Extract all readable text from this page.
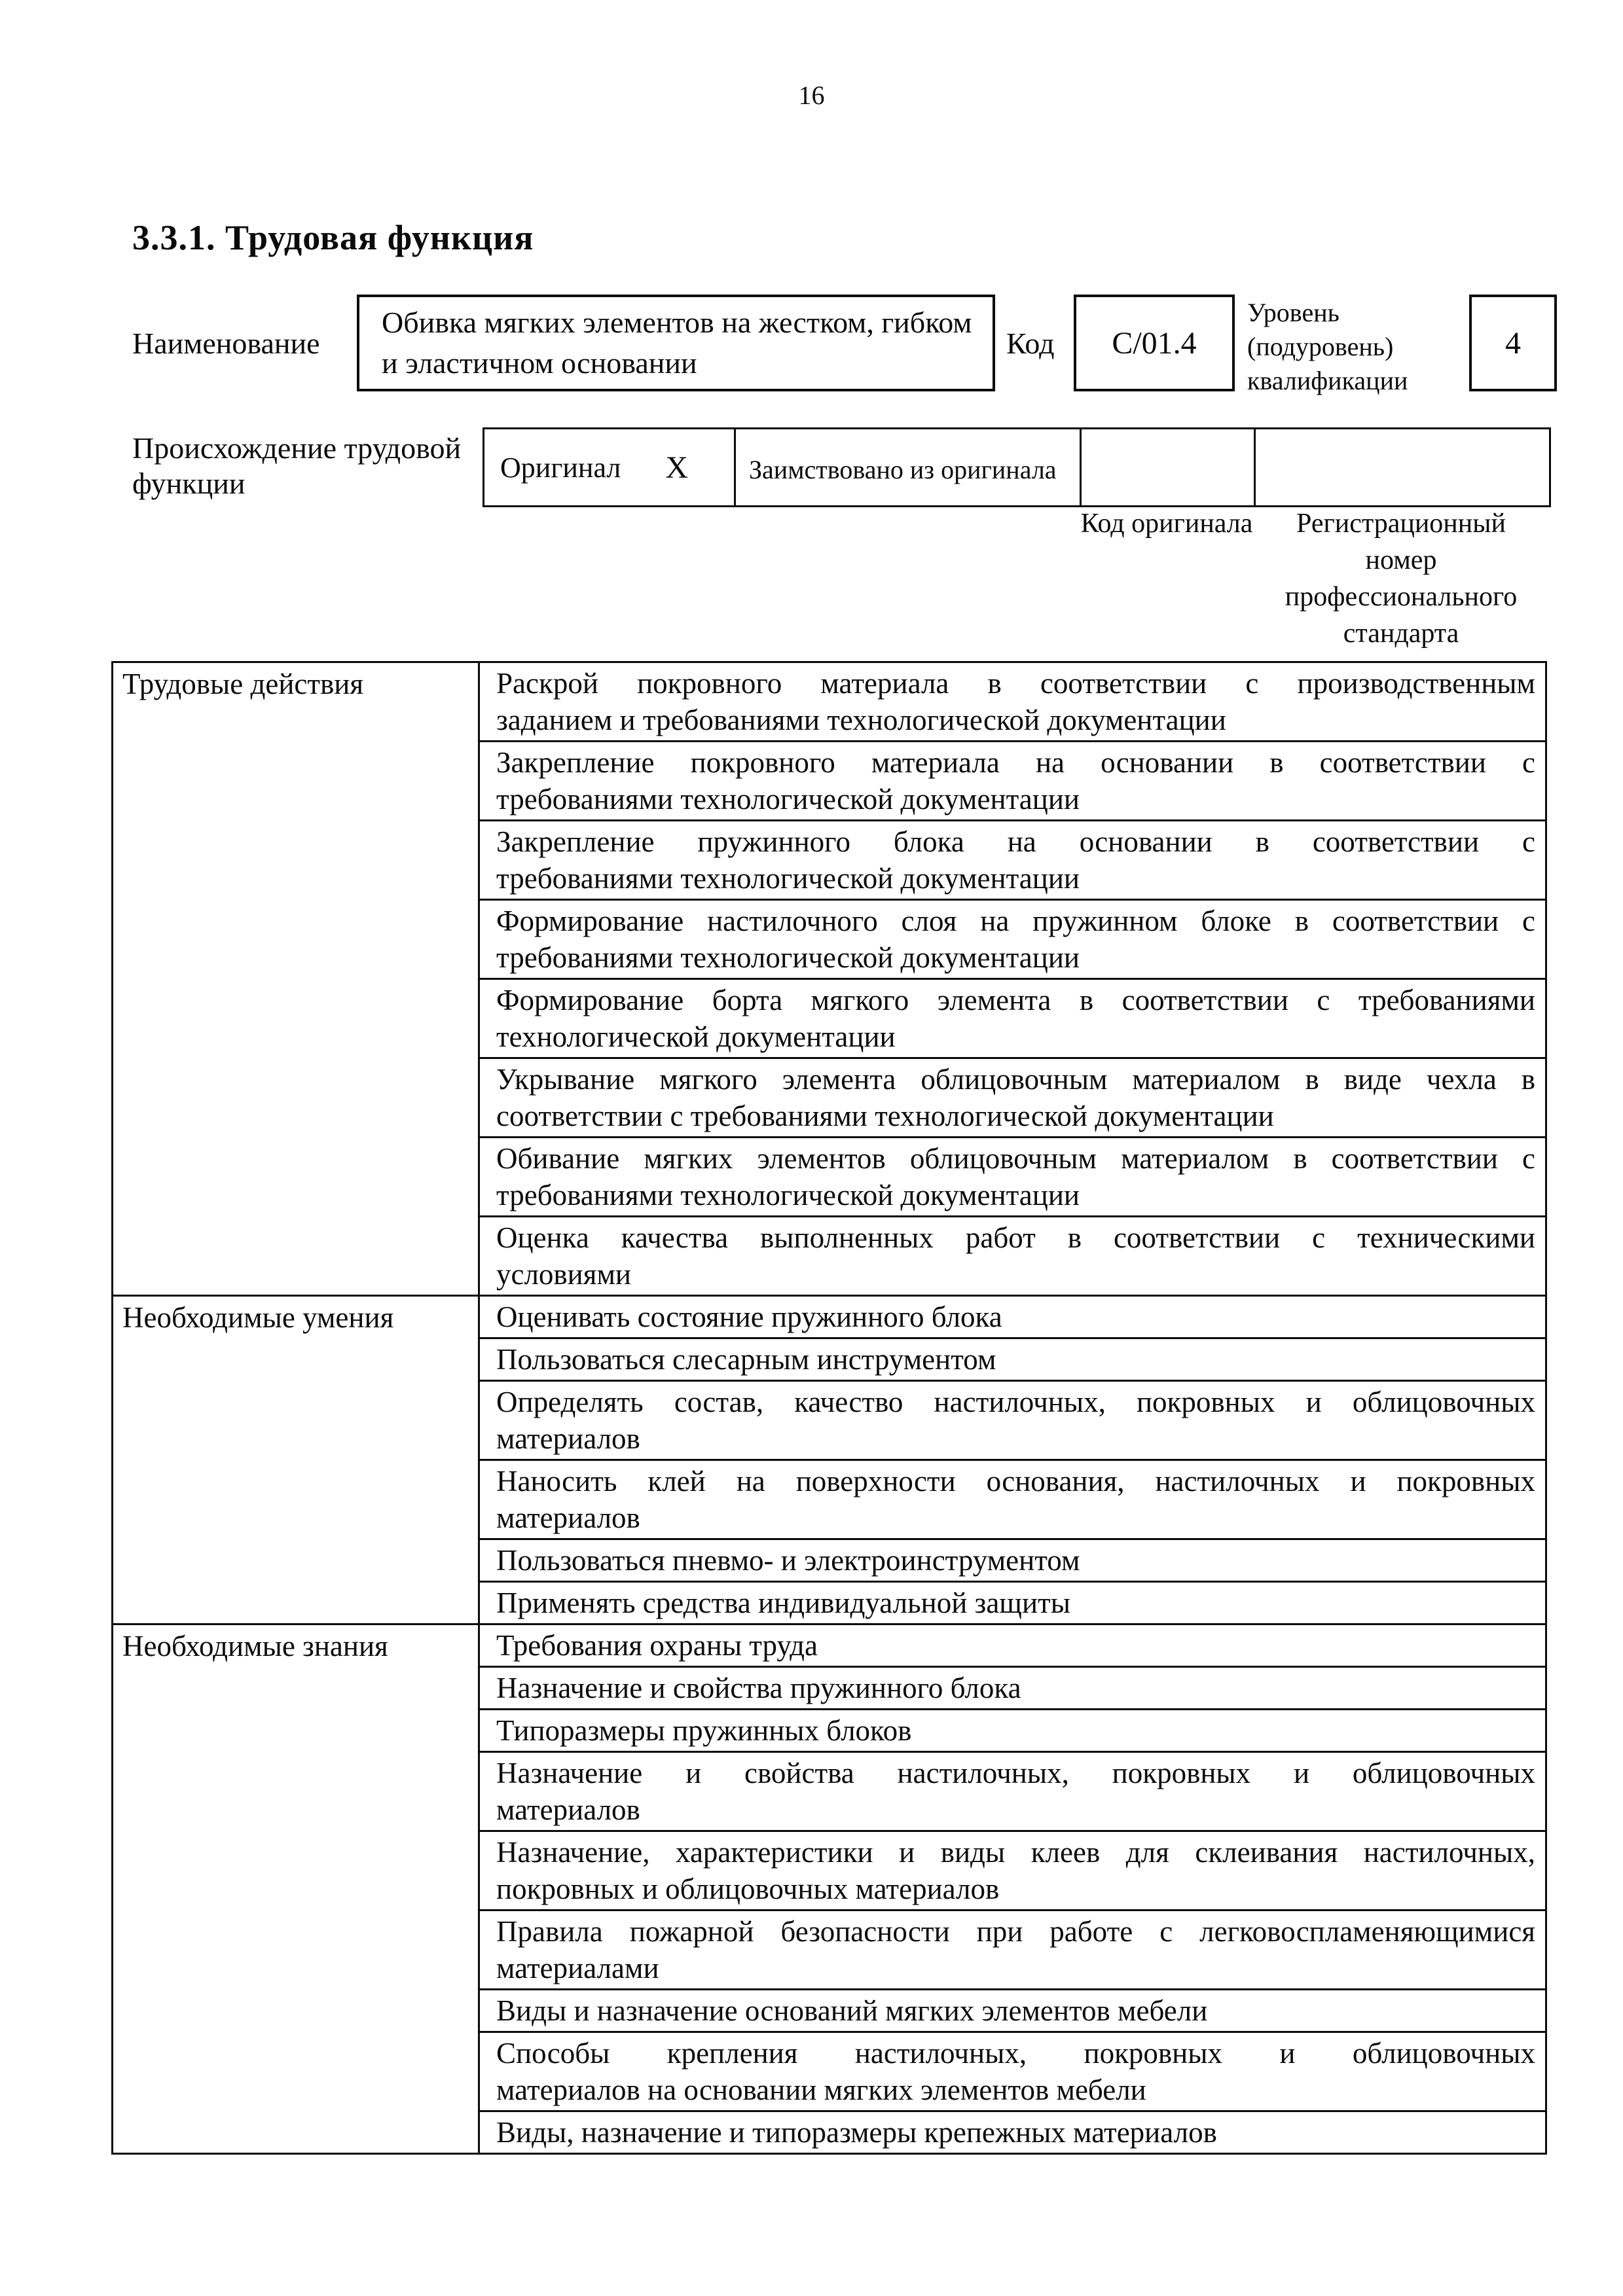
16
3.3.1. Трудовая функция
Наименование
Обивка мягких элементов на жестком, гибком и эластичном основании
Код С/01.4
Уровень (подуровень) квалификации
4
Происхождение трудовой функции	Оригинал X	Заимствовано из оригинала

Код оригинала	Регистрационный номер профессионального стандарта
Трудовые действия	Раскрой покровного материала в соответствии с производственным
заданием и требованиями технологической документации

	Закрепление покровного материала на основании в соответствии с
требованиями технологической документации

	Закрепление пружинного блока на основании в соответствии с
требованиями технологической документации

	Формирование настилочного слоя на пружинном блоке в соответствии с
требованиями технологической документации

	Формирование борта мягкого элемента в соответствии с требованиями
технологической документации

	Укрывание мягкого элемента облицовочным материалом в виде чехла в
соответствии с требованиями технологической документации

	Обивание мягких элементов облицовочным материалом в соответствии с
требованиями технологической документации

	Оценка качества выполненных работ в соответствии с техническими
условиями

Необходимые умения	Оценивать состояние пружинного блока

	Пользоваться слесарным инструментом

	Определять состав, качество настилочных, покровных и облицовочных
материалов

	Наносить клей на поверхности основания, настилочных и покровных
материалов

	Пользоваться пневмо- и электроинструментом

	Применять средства индивидуальной защиты

Необходимые знания	Требования охраны труда

	Назначение и свойства пружинного блока

	Типоразмеры пружинных блоков

	Назначение и свойства настилочных, покровных и облицовочных
материалов

	Назначение, характеристики и виды клеев для склеивания настилочных,
покровных и облицовочных материалов

	Правила пожарной безопасности при работе с легковоспламеняющимися
материалами

	Виды и назначение оснований мягких элементов мебели

	Способы крепления настилочных, покровных и облицовочных
материалов на основании мягких элементов мебели

	Виды, назначение и типоразмеры крепежных материалов
